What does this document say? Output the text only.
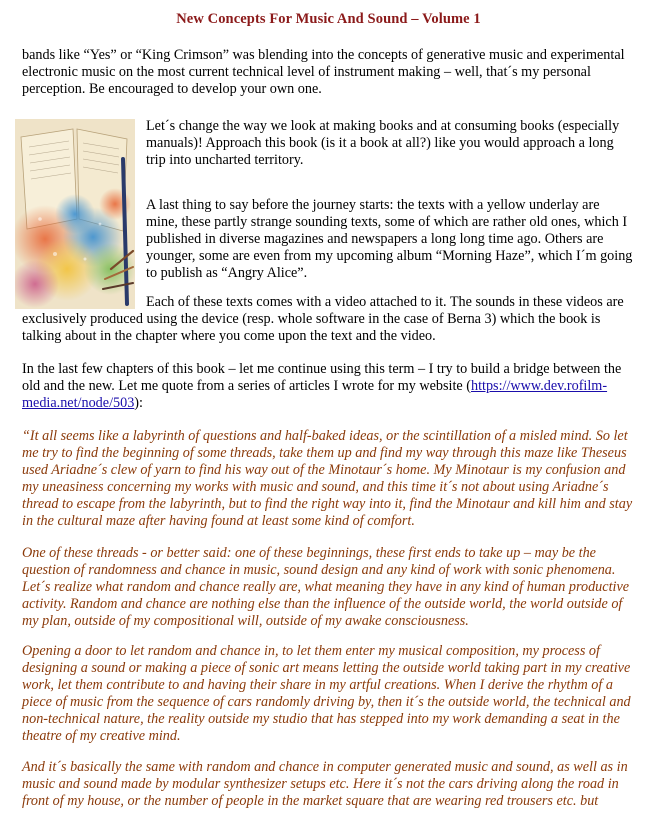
New Concepts For Music And Sound – Volume 1

bands like “Yes” or “King Crimson” was blending into the concepts of generative music and experimental electronic music on the most current technical level of instrument making – well, that´s my personal perception. Be encouraged to develop your own one.

Let´s change the way we look at making books and at consuming books (especially manuals)! Approach this book (is it a book at all?) like you would approach a long trip into uncharted territory.

A last thing to say before the journey starts: the texts with a yellow underlay are mine, these partly strange sounding texts, some of which are rather old ones, which I published in diverse magazines and newspapers a long long time ago. Others are younger, some are even from my upcoming album “Morning Haze”, which I´m going to publish as “Angry Alice”.

Each of these texts comes with a video attached to it. The sounds in these videos are exclusively produced using the device (resp. whole software in the case of Berna 3) which the book is talking about in the chapter where you come upon the text and the video.

In the last few chapters of this book – let me continue using this term – I try to build a bridge between the old and the new. Let me quote from a series of articles I wrote for my website (https://www.dev.rofilm-media.net/node/503):

“It all seems like a labyrinth of questions and half-baked ideas, or the scintillation of a misled mind. So let me try to find the beginning of some threads, take them up and find my way through this maze like Theseus used Ariadne´s clew of yarn to find his way out of the Minotaur´s home. My Minotaur is my confusion and my uneasiness concerning my works with music and sound, and this time it´s not about using Ariadne´s thread to escape from the labyrinth, but to find the right way into it, find the Minotaur and kill him and stay in the cultural maze after having found at least some kind of comfort.

One of these threads - or better said: one of these beginnings, these first ends to take up – may be the question of randomness and chance in music, sound design and any kind of work with sonic phenomena. Let´s realize what random and chance really are, what meaning they have in any kind of human productive activity. Random and chance are nothing else than the influence of the outside world, the world outside of my plan, outside of my compositional will, outside of my awake consciousness.

Opening a door to let random and chance in, to let them enter my musical composition, my process of designing a sound or making a piece of sonic art means letting the outside world taking part in my creative work, let them contribute to and having their share in my artful creations. When I derive the rhythm of a piece of music from the sequence of cars randomly driving by, then it´s the outside world, the technical and non-technical nature, the reality outside my studio that has stepped into my work demanding a seat in the theatre of my creative mind.

And it´s basically the same with random and chance in computer generated music and sound, as well as in music and sound made by modular synthesizer setups etc. Here it´s not the cars driving along the road in front of my house, or the number of people in the market square that are wearing red trousers etc. but
